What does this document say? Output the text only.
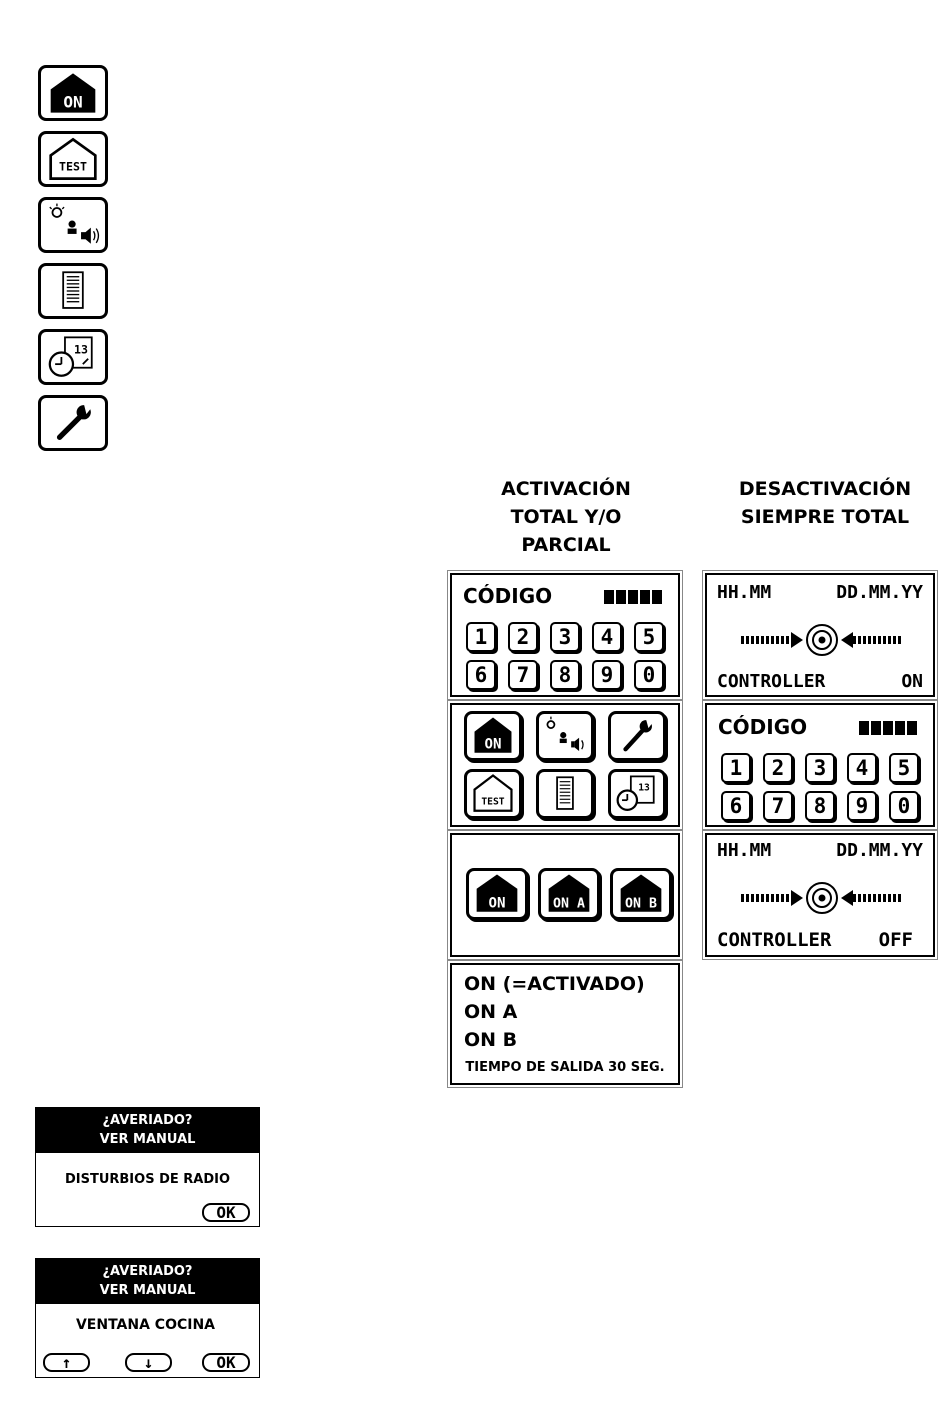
ON
TEST
13
ACTIVACIÓN
TOTAL Y/O
PARCIAL
DESACTIVACIÓN
SIEMPRE TOTAL
CÓDIGO
1	2	3	4	5
6	7	8	9	0
ON
TEST
13
ON	ON A	ON B
ON (=ACTIVADO)
ON A
ON B
TIEMPO DE SALIDA 30 SEG.
HH.MM	DD.MM.YY
CONTROLLER	ON
CÓDIGO
1	2	3	4	5
6	7	8	9	0
HH.MM	DD.MM.YY
CONTROLLER OFF
¿AVERIADO?
VER MANUAL
DISTURBIOS DE RADIO
OK
¿AVERIADO?
VER MANUAL
VENTANA COCINA
↑	↓	OK
